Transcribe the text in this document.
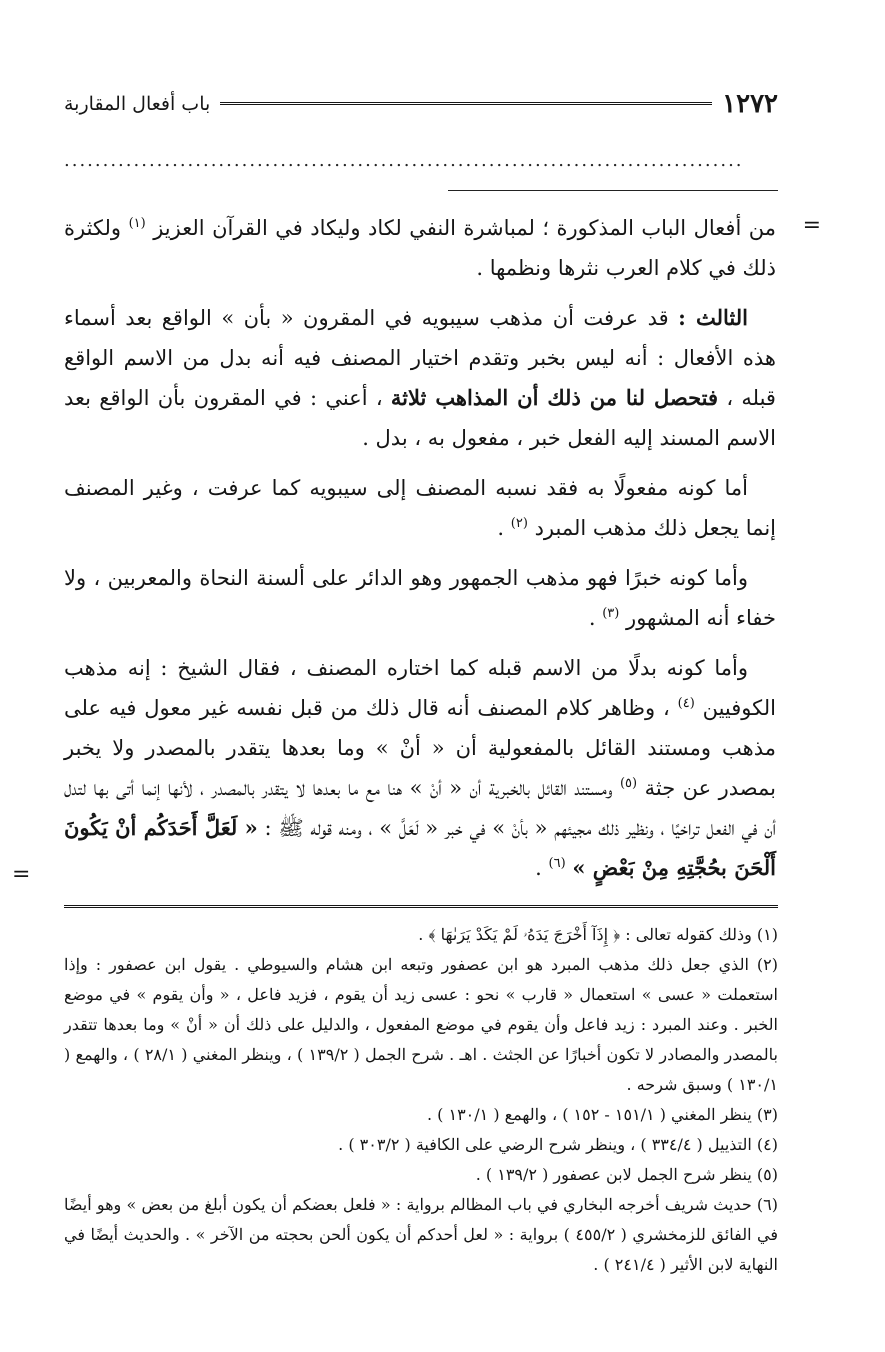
١٢٧٢
باب أفعال المقاربة
........................................................................................
=

من أفعال الباب المذكورة ؛ لمباشرة النفي لكاد وليكاد في القرآن العزيز $^{(١)}$ ولكثرة ذلك في كلام العرب نثرها ونظمها .

الثالث : قد عرفت أن مذهب سيبويه في المقرون « بأن » الواقع بعد أسماء هذه الأفعال : أنه ليس بخبر وتقدم اختيار المصنف فيه أنه بدل من الاسم الواقع قبله ، فتحصل لنا من ذلك أن المذاهب ثلاثة ، أعني : في المقرون بأن الواقع بعد الاسم المسند إليه الفعل خبر ، مفعول به ، بدل .

أما كونه مفعولًا به فقد نسبه المصنف إلى سيبويه كما عرفت ، وغير المصنف إنما يجعل ذلك مذهب المبرد $^{(٢)}$ .

وأما كونه خبرًا فهو مذهب الجمهور وهو الدائر على ألسنة النحاة والمعربين ، ولا خفاء أنه المشهور $^{(٣)}$ .

وأما كونه بدلًا من الاسم قبله كما اختاره المصنف ، فقال الشيخ : إنه مذهب الكوفيين $^{(٤)}$ ، وظاهر كلام المصنف أنه قال ذلك من قبل نفسه غير معول فيه على مذهب ومستند القائل بالمفعولية أن « أنْ » وما بعدها يتقدر بالمصدر ولا يخبر بمصدر عن جثة $^{(٥)}$ ومستند القائل بالخبرية أن « أنْ » هنا مع ما بعدها لا يتقدر بالمصدر ، لأنها إنما أتى بها لتدل أن في الفعل تراخيًا ، ونظير ذلك مجيئهم « بأنْ » في خبر « لَعَلَّ » ، ومنه قوله ﷺ : « لَعَلَّ أَحَدَكُم أنْ يَكُونَ أَلْحَنَ بحُجَّتِهِ مِنْ بَعْضٍ » $^{(٦)}$ .

=

(١) وذلك كقوله تعالى : ﴿ إِذَآ أَخْرَجَ يَدَهُۥ لَمْ يَكَدْ يَرَىٰهَا ﴾ .

(٢) الذي جعل ذلك مذهب المبرد هو ابن عصفور وتبعه ابن هشام والسيوطي . يقول ابن عصفور : وإذا استعملت « عسى » استعمال « قارب » نحو : عسى زيد أن يقوم ، فزيد فاعل ، « وأن يقوم » في موضع الخبر . وعند المبرد : زيد فاعل وأن يقوم في موضع المفعول ، والدليل على ذلك أن « أنْ » وما بعدها تتقدر بالمصدر والمصادر لا تكون أخبارًا عن الجثث . اهـ . شرح الجمل ( ١٣٩/٢ ) ، وينظر المغني ( ٢٨/١ ) ، والهمع ( ١٣٠/١ ) وسبق شرحه .

(٣) ينظر المغني ( ١٥١/١ - ١٥٢ ) ، والهمع ( ١٣٠/١ ) .

(٤) التذييل ( ٣٣٤/٤ ) ، وينظر شرح الرضي على الكافية ( ٣٠٣/٢ ) .

(٥) ينظر شرح الجمل لابن عصفور ( ١٣٩/٢ ) .

(٦) حديث شريف أخرجه البخاري في باب المظالم برواية : « فلعل بعضكم أن يكون أبلغ من بعض » وهو أيضًا في الفائق للزمخشري ( ٤٥٥/٢ ) برواية : « لعل أحدكم أن يكون ألحن بحجته من الآخر » . والحديث أيضًا في النهاية لابن الأثير ( ٢٤١/٤ ) .
